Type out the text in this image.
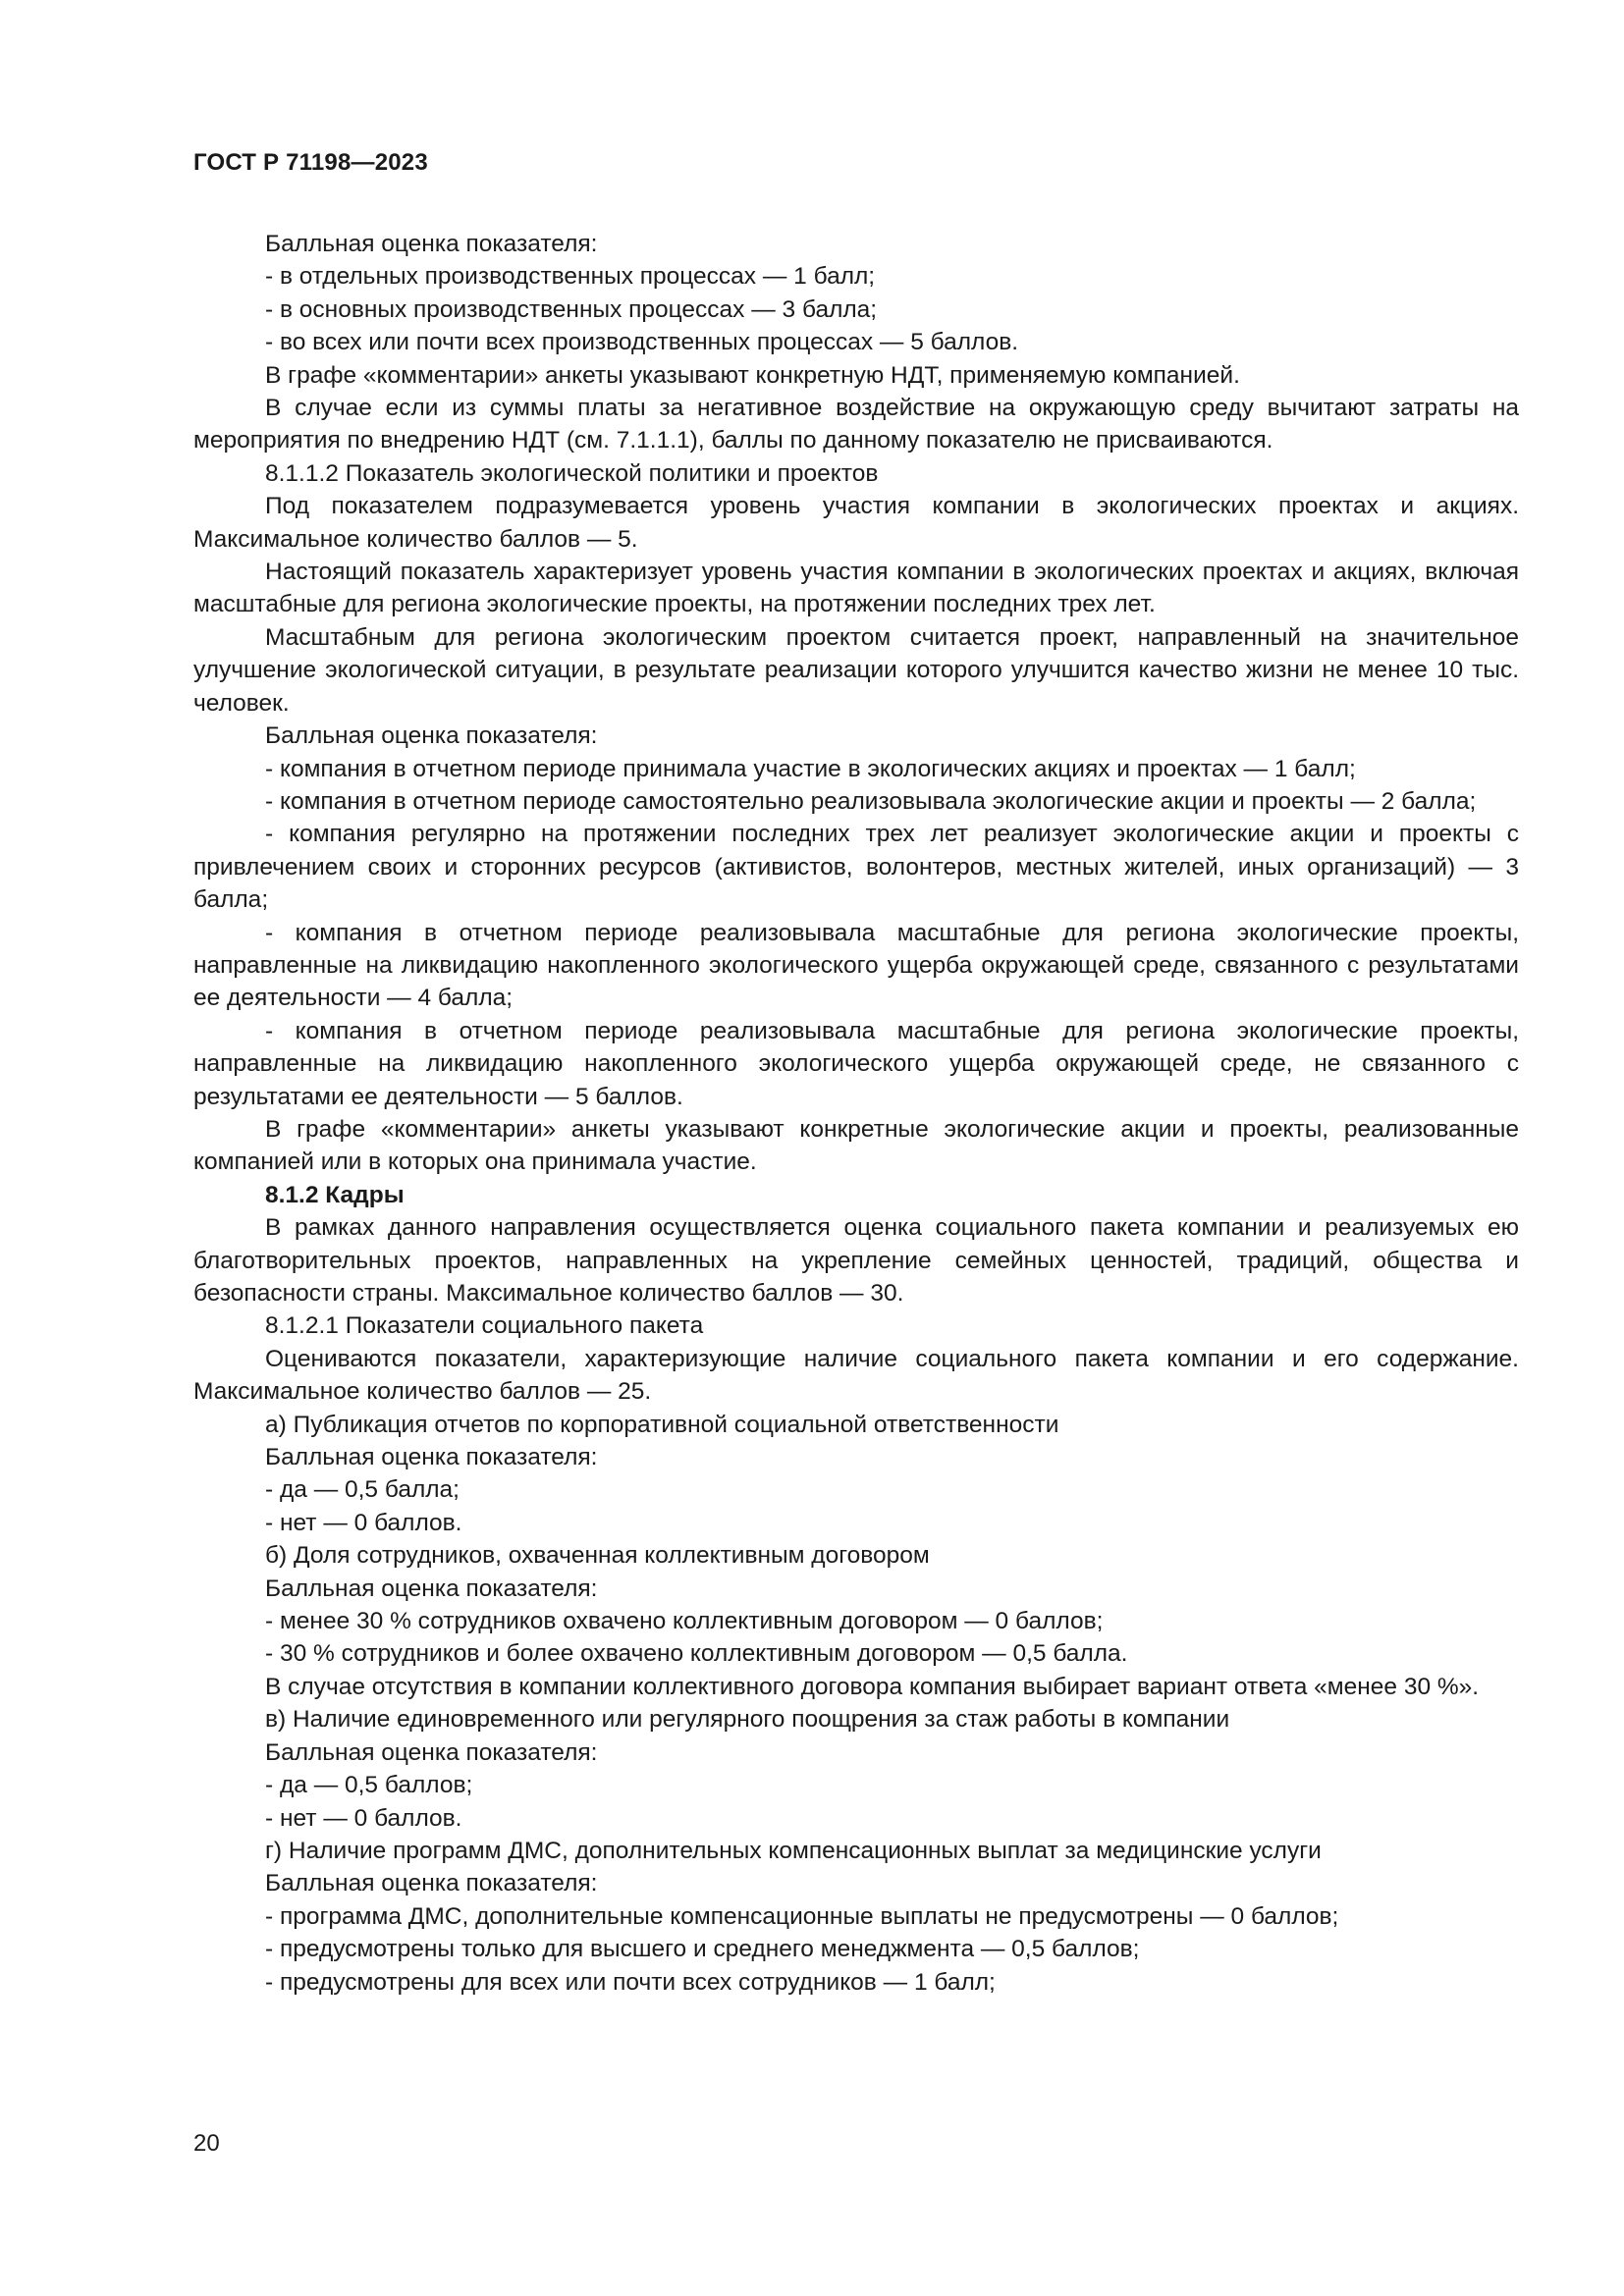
ГОСТ Р 71198—2023

Балльная оценка показателя:

- в отдельных производственных процессах — 1 балл;

- в основных производственных процессах — 3 балла;

- во всех или почти всех производственных процессах — 5 баллов.

В графе «комментарии» анкеты указывают конкретную НДТ, применяемую компанией.

В случае если из суммы платы за негативное воздействие на окружающую среду вычитают затраты на мероприятия по внедрению НДТ (см. 7.1.1.1), баллы по данному показателю не присваиваются.

8.1.1.2 Показатель экологической политики и проектов

Под показателем подразумевается уровень участия компании в экологических проектах и акциях. Максимальное количество баллов — 5.

Настоящий показатель характеризует уровень участия компании в экологических проектах и акциях, включая масштабные для региона экологические проекты, на протяжении последних трех лет.

Масштабным для региона экологическим проектом считается проект, направленный на значительное улучшение экологической ситуации, в результате реализации которого улучшится качество жизни не менее 10 тыс. человек.

Балльная оценка показателя:

- компания в отчетном периоде принимала участие в экологических акциях и проектах — 1 балл;

- компания в отчетном периоде самостоятельно реализовывала экологические акции и проекты — 2 балла;

- компания регулярно на протяжении последних трех лет реализует экологические акции и проекты с привлечением своих и сторонних ресурсов (активистов, волонтеров, местных жителей, иных организаций) — 3 балла;

- компания в отчетном периоде реализовывала масштабные для региона экологические проекты, направленные на ликвидацию накопленного экологического ущерба окружающей среде, связанного с результатами ее деятельности — 4 балла;

- компания в отчетном периоде реализовывала масштабные для региона экологические проекты, направленные на ликвидацию накопленного экологического ущерба окружающей среде, не связанного с результатами ее деятельности — 5 баллов.

В графе «комментарии» анкеты указывают конкретные экологические акции и проекты, реализованные компанией или в которых она принимала участие.

8.1.2 Кадры

В рамках данного направления осуществляется оценка социального пакета компании и реализуемых ею благотворительных проектов, направленных на укрепление семейных ценностей, традиций, общества и безопасности страны. Максимальное количество баллов — 30.

8.1.2.1 Показатели социального пакета

Оцениваются показатели, характеризующие наличие социального пакета компании и его содержание. Максимальное количество баллов — 25.

а) Публикация отчетов по корпоративной социальной ответственности

Балльная оценка показателя:

- да — 0,5 балла;

- нет — 0 баллов.

б) Доля сотрудников, охваченная коллективным договором

Балльная оценка показателя:

- менее 30 % сотрудников охвачено коллективным договором — 0 баллов;

- 30 % сотрудников и более охвачено коллективным договором — 0,5 балла.

В случае отсутствия в компании коллективного договора компания выбирает вариант ответа «менее 30 %».

в) Наличие единовременного или регулярного поощрения за стаж работы в компании

Балльная оценка показателя:

- да — 0,5 баллов;

- нет — 0 баллов.

г) Наличие программ ДМС, дополнительных компенсационных выплат за медицинские услуги

Балльная оценка показателя:

- программа ДМС, дополнительные компенсационные выплаты не предусмотрены — 0 баллов;

- предусмотрены только для высшего и среднего менеджмента — 0,5 баллов;

- предусмотрены для всех или почти всех сотрудников — 1 балл;

20
